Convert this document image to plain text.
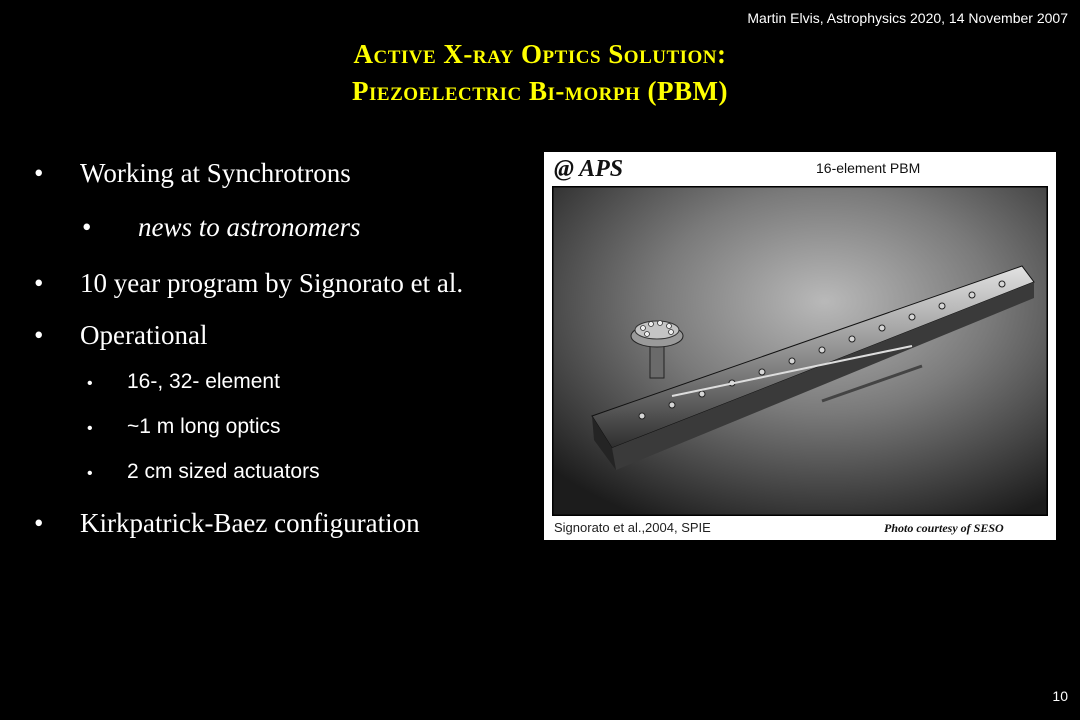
Martin Elvis, Astrophysics 2020, 14 November 2007
Active X-ray Optics Solution:
Piezoelectric Bi-morph (PBM)
•	Working at Synchrotrons
•	news to astronomers
•	10 year program by Signorato et al.
•	Operational
•	16-, 32- element
•	~1 m long optics
•	2 cm sized actuators
•	Kirkpatrick-Baez configuration
@ APS	16-element PBM
Signorato et al.,2004, SPIE	Photo courtesy of SESO
10
